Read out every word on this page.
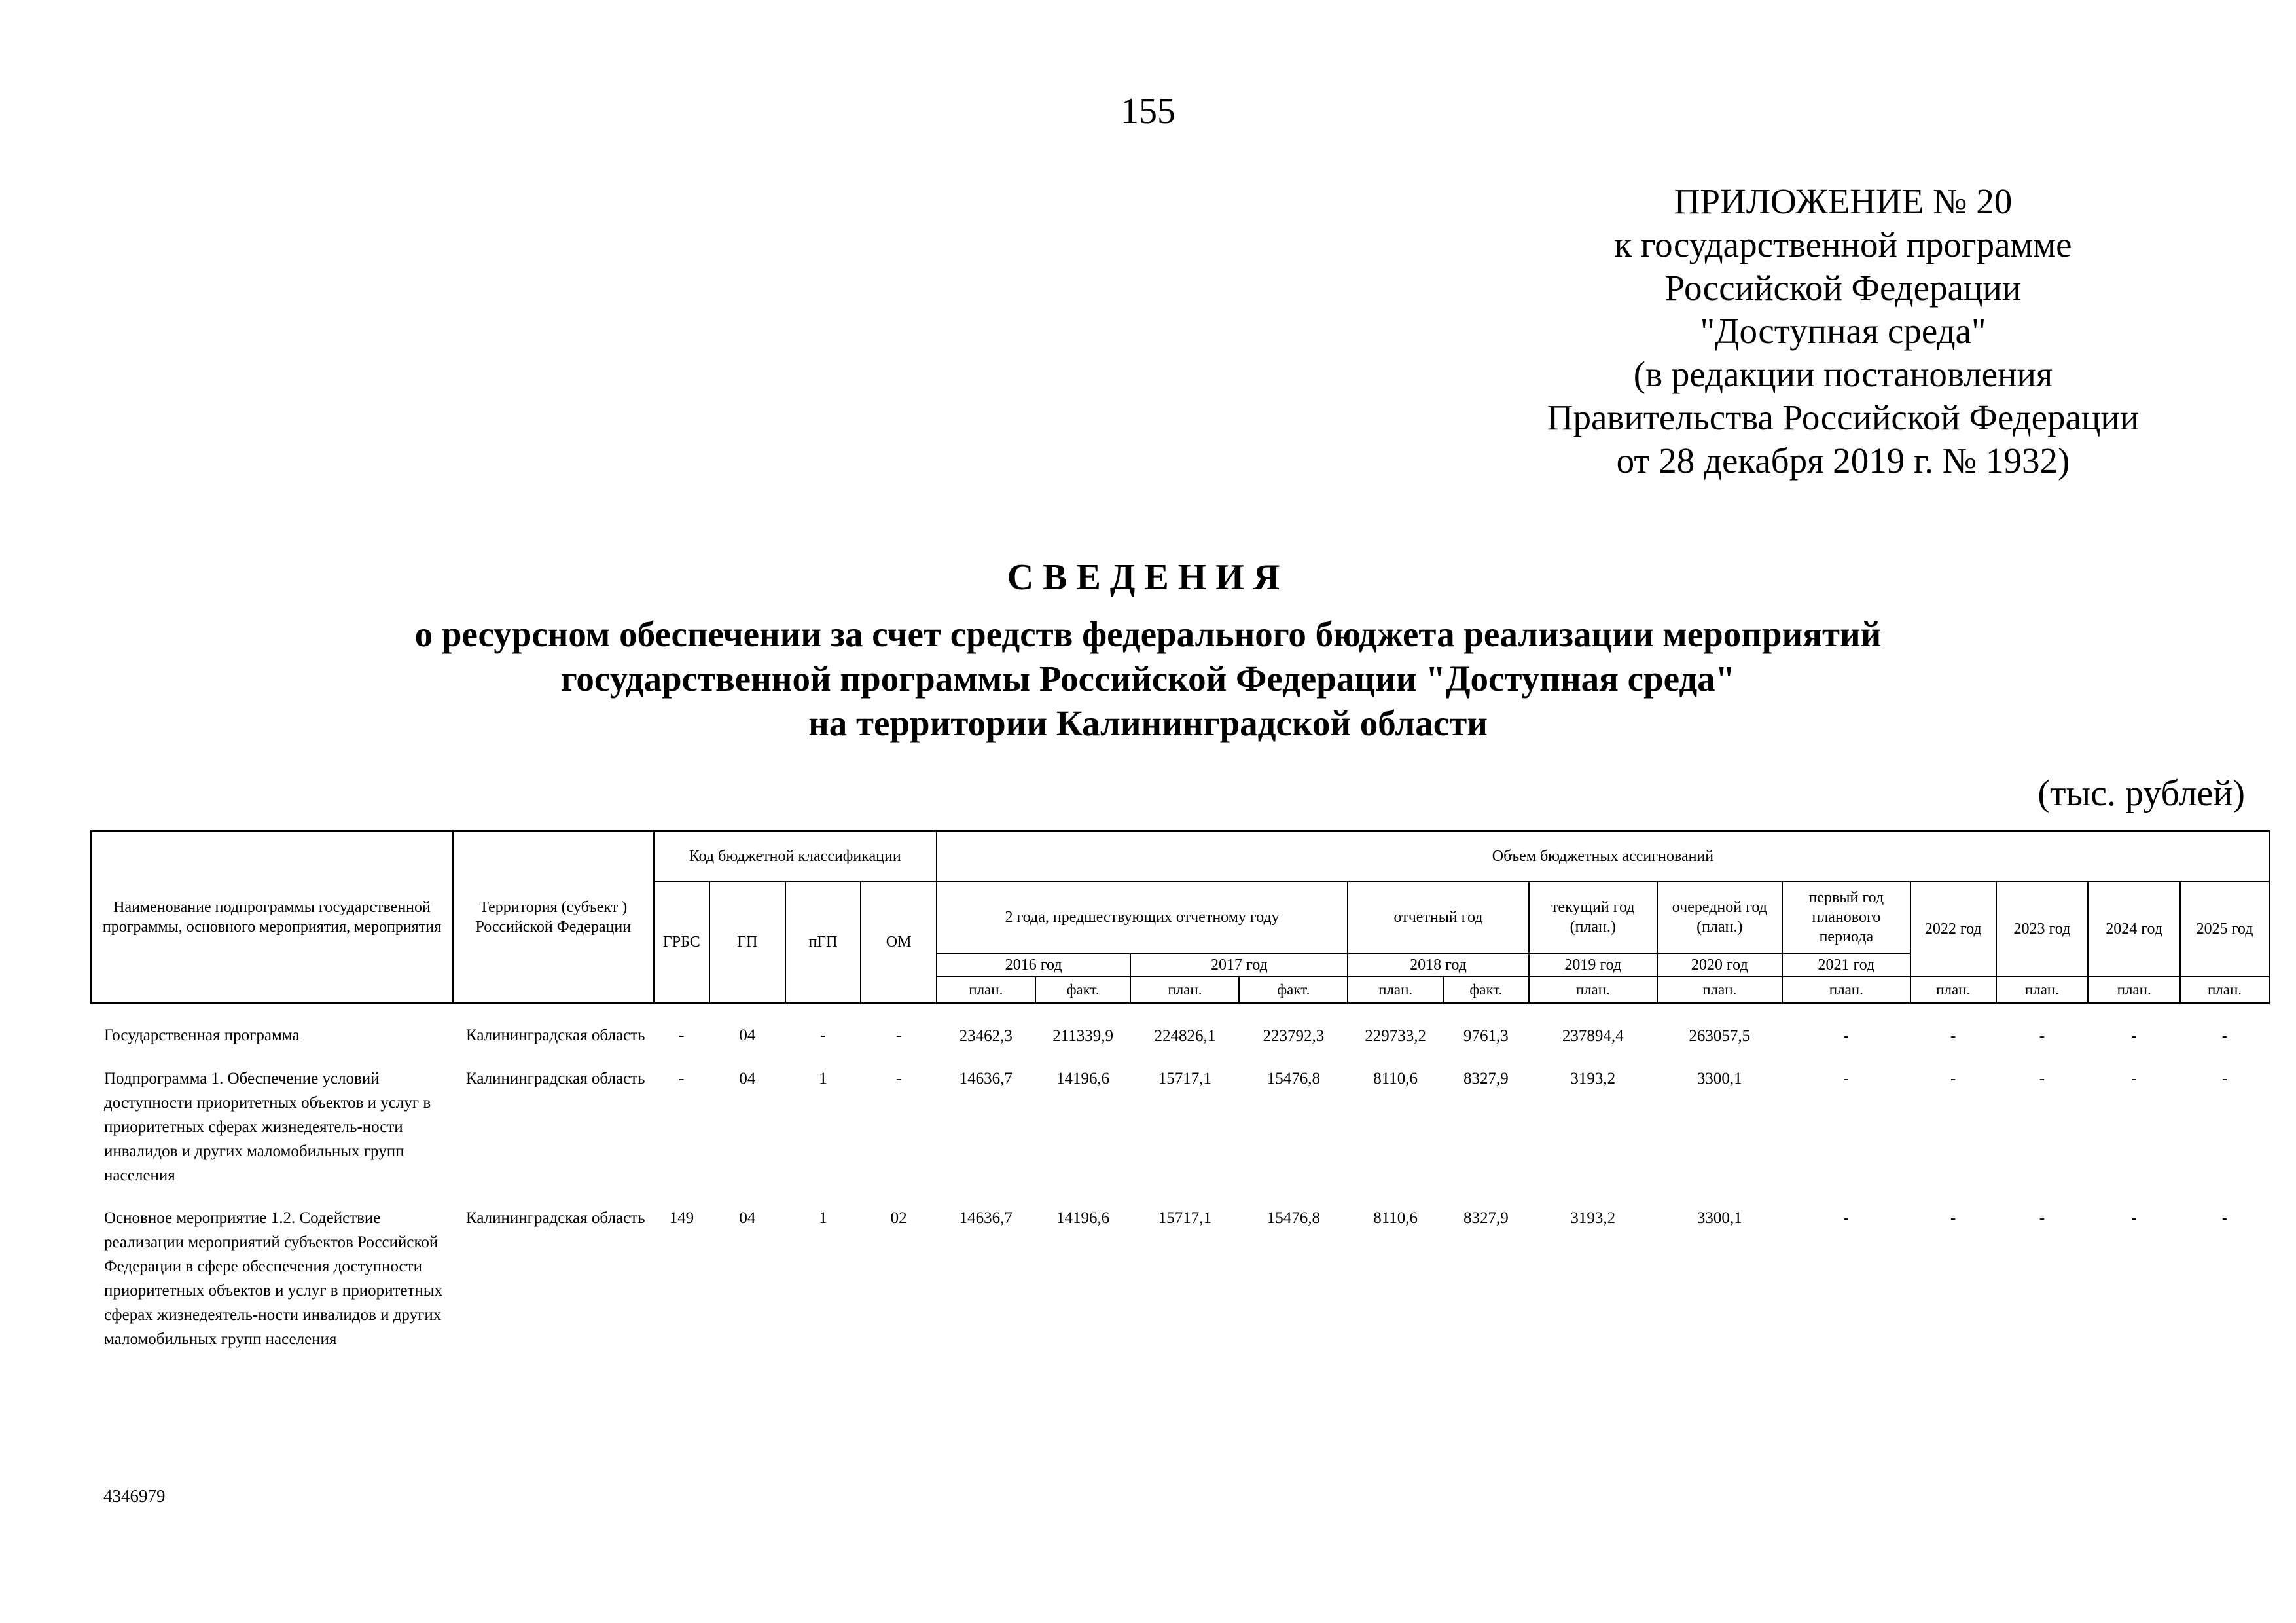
155
ПРИЛОЖЕНИЕ № 20
к государственной программе
Российской Федерации
"Доступная среда"
(в редакции постановления
Правительства Российской Федерации
от 28 декабря 2019 г. № 1932)
СВЕДЕНИЯ
о ресурсном обеспечении за счет средств федерального бюджета реализации мероприятий
государственной программы Российской Федерации "Доступная среда"
на территории Калининградской области
(тыс. рублей)
Наименование подпрограммы государственной программы, основного мероприятия, мероприятия	Территория (субъект ) Российской Федерации	Код бюджетной классификации				Объем бюджетных ассигнований												
		ГРБС	ГП	пГП	ОМ	2 года, предшествующих отчетному году				отчетный год		текущий год (план.)	очередной год (план.)	первый год планового периода	2022 год	2023 год	2024 год	2025 год
						2016 год		2017 год		2018 год		2019 год	2020 год	2021 год				
						план.	факт.	план.	факт.	план.	факт.	план.	план.	план.	план.	план.	план.	план.
Государственная программа	Калининградская область	-	04	-	-	23462,3	211339,9	224826,1	223792,3	229733,2	9761,3	237894,4	263057,5	-	-	-	-	-

Подпрограмма 1. Обеспечение условий доступности приоритетных объектов и услуг в приоритетных сферах жизнедеятель-ности инвалидов и других маломобильных групп населения	Калининградская область	-	04	1	-	14636,7	14196,6	15717,1	15476,8	8110,6	8327,9	3193,2	3300,1	-	-	-	-	-

Основное мероприятие 1.2. Содействие реализации мероприятий субъектов Российской Федерации в сфере обеспечения доступности приоритетных объектов и услуг в приоритетных сферах жизнедеятель-ности инвалидов и других маломобильных групп населения	Калининградская область	149	04	1	02	14636,7	14196,6	15717,1	15476,8	8110,6	8327,9	3193,2	3300,1	-	-	-	-	-
4346979
